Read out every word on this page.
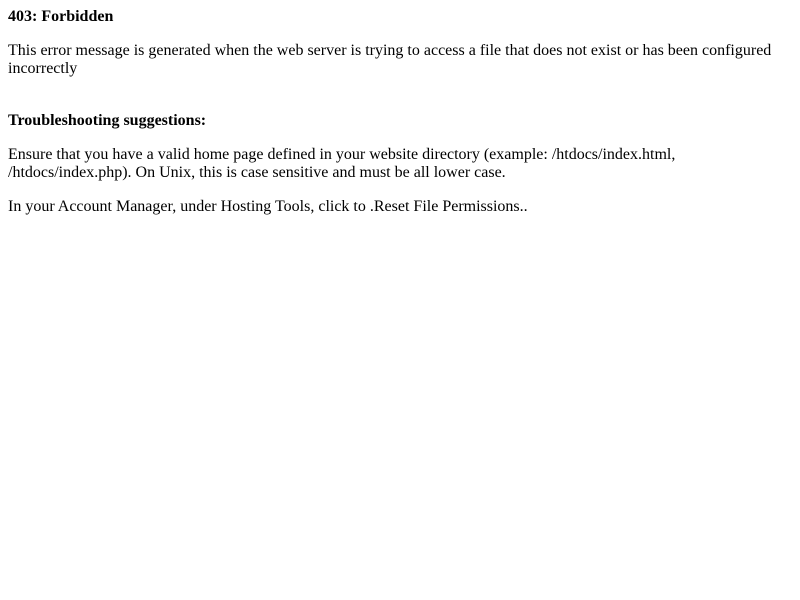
403: Forbidden
This error message is generated when the web server is trying to access a file that does not exist or has been configured incorrectly
Troubleshooting suggestions:
Ensure that you have a valid home page defined in your website directory (example: /htdocs/index.html, /htdocs/index.php). On Unix, this is case sensitive and must be all lower case.
In your Account Manager, under Hosting Tools, click to .Reset File Permissions..
